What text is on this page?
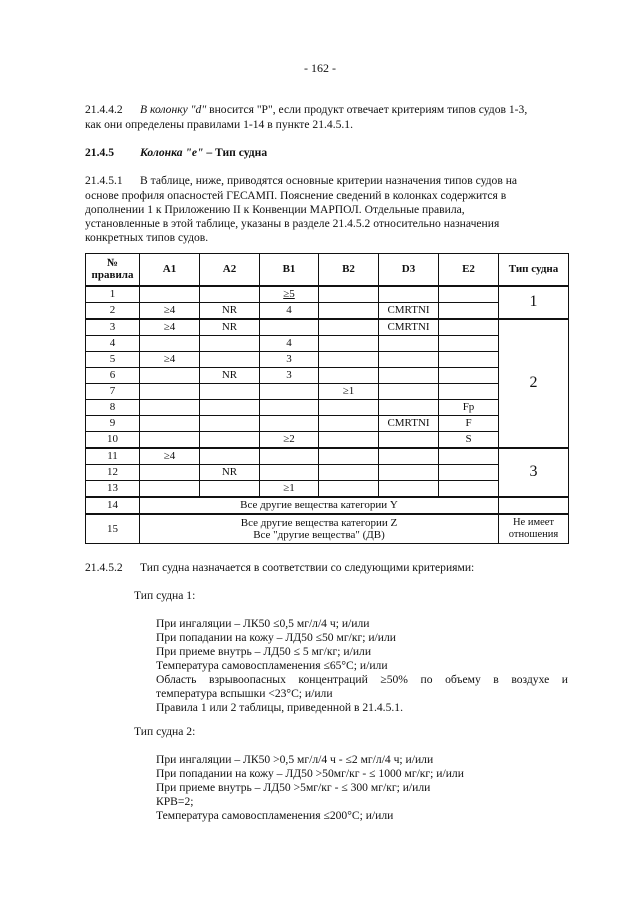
- 162 -
21.4.4.2 В колонку "d" вносится "P", если продукт отвечает критериям типов судов 1-3,
как они определены правилами 1-14 в пункте 21.4.5.1.
21.4.5 Колонка "e" – Тип судна
21.4.5.1 В таблице, ниже, приводятся основные критерии назначения типов судов на
основе профиля опасностей ГЕСАМП. Пояснение сведений в колонках содержится в
дополнении 1 к Приложению II к Конвенции МАРПОЛ. Отдельные правила,
установленные в этой таблице, указаны в разделе 21.4.5.2 относительно назначения
конкретных типов судов.
№ правила	A1	A2	B1	B2	D3	E2	Тип судна
1			≥5				1
2	≥4	NR	4		CMRTNI		
3	≥4	NR			CMRTNI		2
4			4				
5	≥4		3				
6		NR	3				
7				≥1			
8						Fp	
9					CMRTNI	F	
10			≥2			S	
11	≥4						3
12		NR					
13			≥1				
14	Все другие вещества категории Y						
15	Все другие вещества категории Z
Все "другие вещества" (ДВ)						Не имеет отношения
21.4.5.2 Тип судна назначается в соответствии со следующими критериями:
Тип судна 1:
При ингаляции – ЛК50 ≤0,5 мг/л/4 ч; и/или
При попадании на кожу – ЛД50 ≤50 мг/кг; и/или
При приеме внутрь – ЛД50 ≤ 5 мг/кг; и/или
Температура самовоспламенения ≤65°C; и/или
Область взрывоопасных концентраций ≥50% по объему в воздухе и
температура вспышки <23°C; и/или
Правила 1 или 2 таблицы, приведенной в 21.4.5.1.
Тип судна 2:
При ингаляции – ЛК50 >0,5 мг/л/4 ч - ≤2 мг/л/4 ч; и/или
При попадании на кожу – ЛД50 >50мг/кг - ≤ 1000 мг/кг; и/или
При приеме внутрь – ЛД50 >5мг/кг - ≤ 300 мг/кг; и/или
КРВ=2;
Температура самовоспламенения ≤200°C; и/или
